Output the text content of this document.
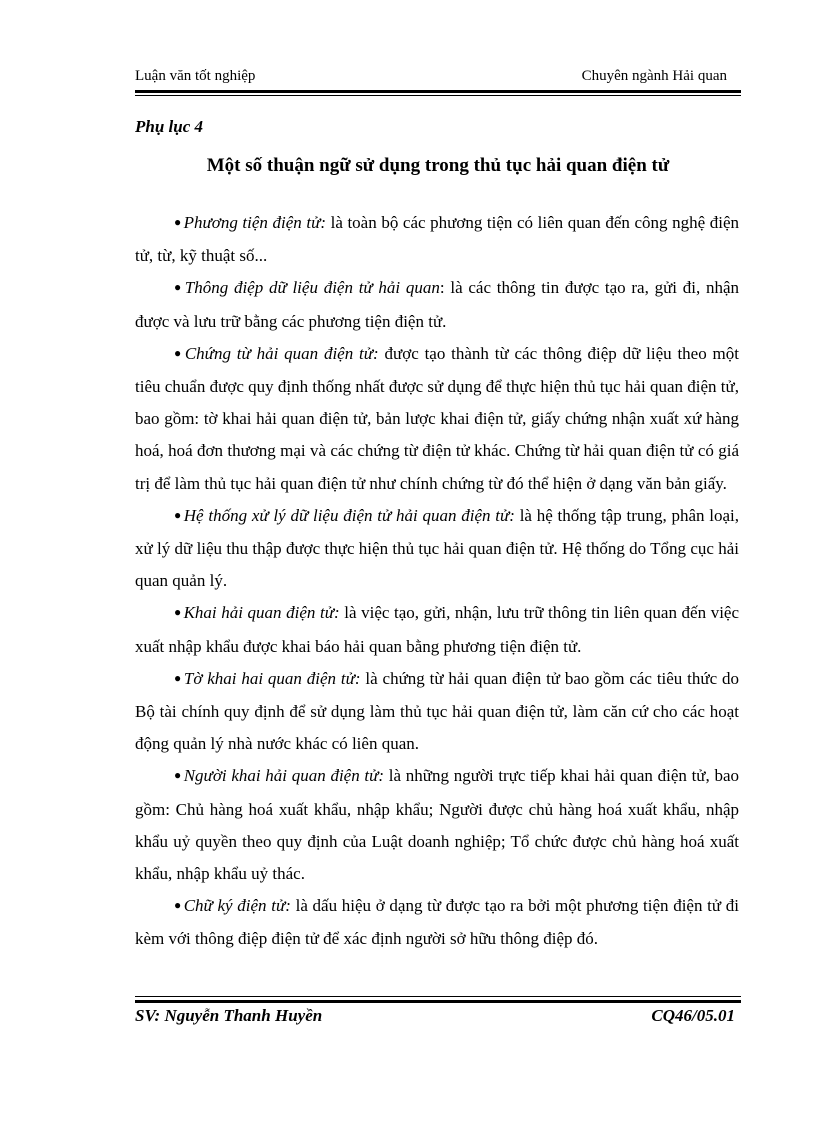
Luận văn tốt nghiệp	Chuyên ngành Hải quan
Phụ lục 4
Một số thuận ngữ sử dụng trong thủ tục hải quan điện tử

● Phương tiện điện tử: là toàn bộ các phương tiện có liên quan đến công nghệ điện tử, từ, kỹ thuật số...

● Thông điệp dữ liệu điện tử hải quan: là các thông tin được tạo ra, gửi đi, nhận được và lưu trữ bằng các phương tiện điện tử.

● Chứng từ hải quan điện tử: được tạo thành từ các thông điệp dữ liệu theo một tiêu chuẩn được quy định thống nhất được sử dụng để thực hiện thủ tục hải quan điện tử, bao gồm: tờ khai hải quan điện tử, bản lược khai điện tử, giấy chứng nhận xuất xứ hàng hoá, hoá đơn thương mại và các chứng từ điện tử khác. Chứng từ hải quan điện tử có giá trị để làm thủ tục hải quan điện tử như chính chứng từ đó thể hiện ở dạng văn bản giấy.

● Hệ thống xử lý dữ liệu điện tử hải quan điện tử: là hệ thống tập trung, phân loại, xử lý dữ liệu thu thập được thực hiện thủ tục hải quan điện tử. Hệ thống do Tổng cục hải quan quản lý.

● Khai hải quan điện tử: là việc tạo, gửi, nhận, lưu trữ thông tin liên quan đến việc xuất nhập khẩu được khai báo hải quan bằng phương tiện điện tử.

● Tờ khai hai quan điện tử: là chứng từ hải quan điện tử bao gồm các tiêu thức do Bộ tài chính quy định để sử dụng làm thủ tục hải quan điện tử, làm căn cứ cho các hoạt động quản lý nhà nước khác có liên quan.

● Người khai hải quan điện tử: là những người trực tiếp khai hải quan điện tử, bao gồm: Chủ hàng hoá xuất khẩu, nhập khẩu; Người được chủ hàng hoá xuất khẩu, nhập khẩu uỷ quyền theo quy định của Luật doanh nghiệp; Tổ chức được chủ hàng hoá xuất khẩu, nhập khẩu uỷ thác.

● Chữ ký điện tử: là dấu hiệu ở dạng từ được tạo ra bởi một phương tiện điện tử đi kèm với thông điệp điện tử để xác định người sở hữu thông điệp đó.

SV: Nguyễn Thanh Huyền	CQ46/05.01
